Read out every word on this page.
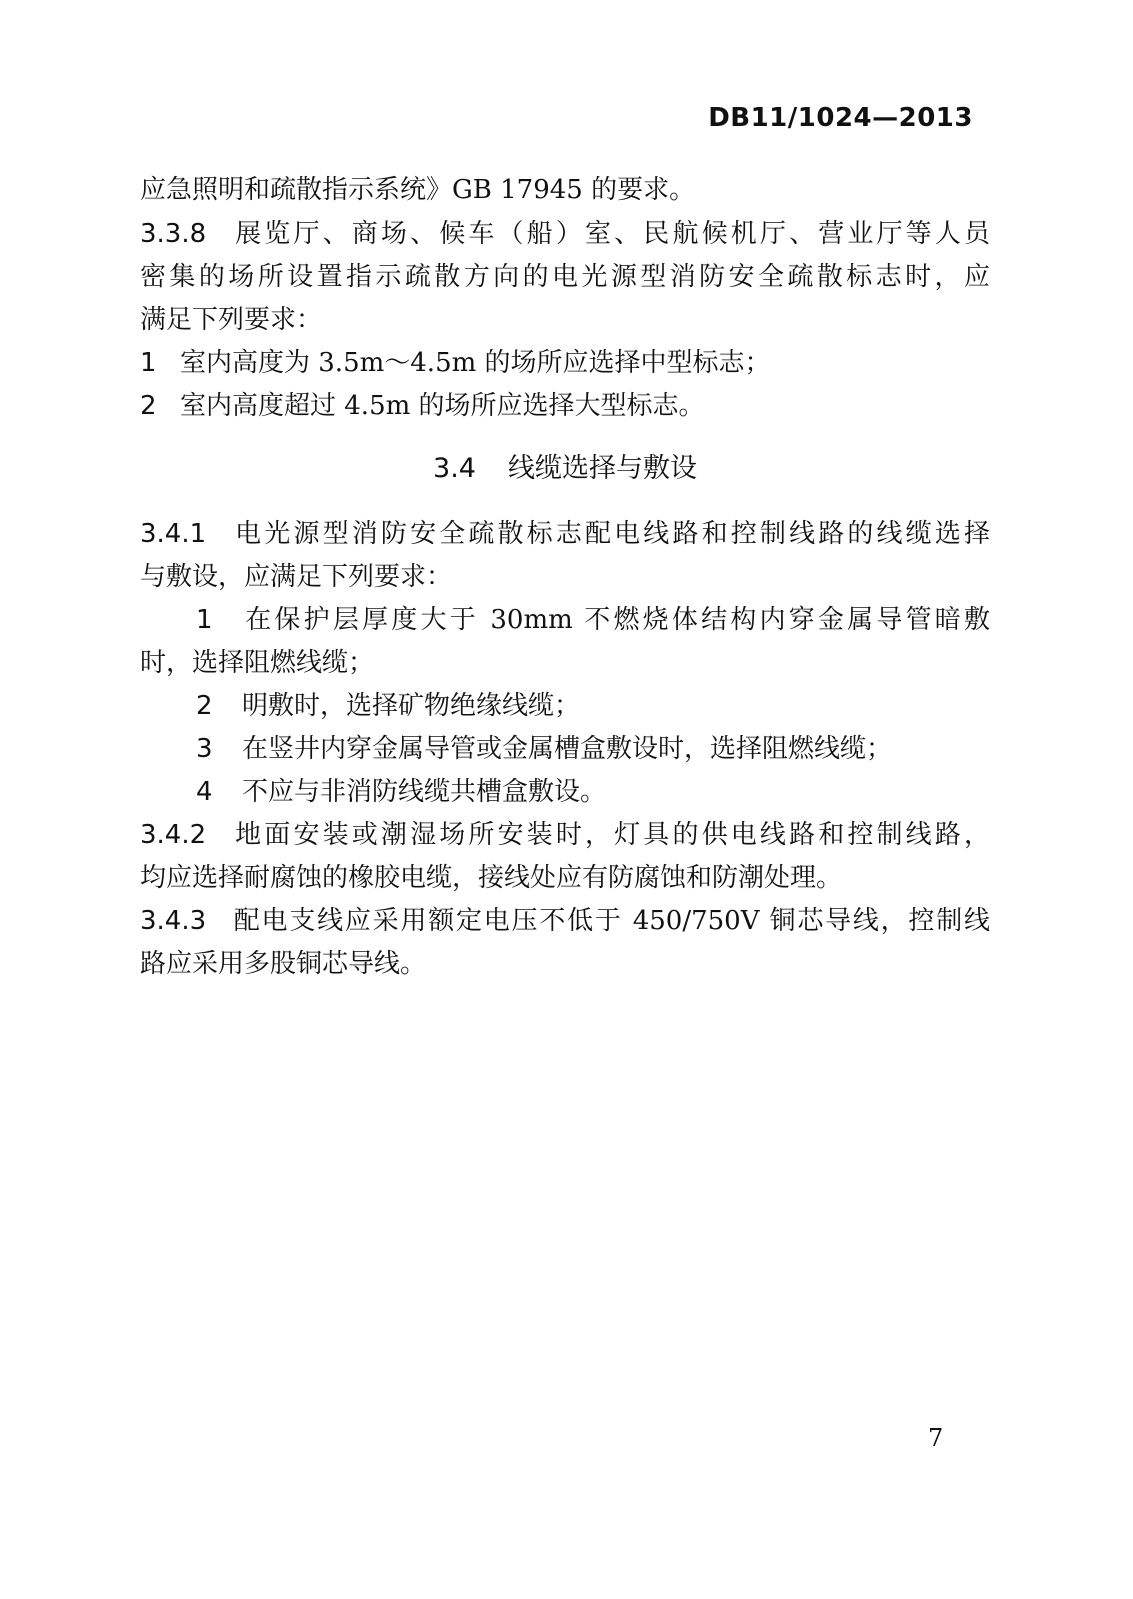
DB11/1024—2013
应急照明和疏散指示系统》GB 17945 的要求。
3.3.8 展览厅、商场、候车（船）室、民航候机厅、营业厅等人员
密集的场所设置指示疏散方向的电光源型消防安全疏散标志时，应
满足下列要求：
1 室内高度为 3.5m～4.5m 的场所应选择中型标志；
2 室内高度超过 4.5m 的场所应选择大型标志。
3.4 线缆选择与敷设
3.4.1 电光源型消防安全疏散标志配电线路和控制线路的线缆选择
与敷设，应满足下列要求：
1 在保护层厚度大于 30mm 不燃烧体结构内穿金属导管暗敷
时，选择阻燃线缆；
2 明敷时，选择矿物绝缘线缆；
3 在竖井内穿金属导管或金属槽盒敷设时，选择阻燃线缆；
4 不应与非消防线缆共槽盒敷设。
3.4.2 地面安装或潮湿场所安装时，灯具的供电线路和控制线路，
均应选择耐腐蚀的橡胶电缆，接线处应有防腐蚀和防潮处理。
3.4.3 配电支线应采用额定电压不低于 450/750V 铜芯导线，控制线
路应采用多股铜芯导线。
7
